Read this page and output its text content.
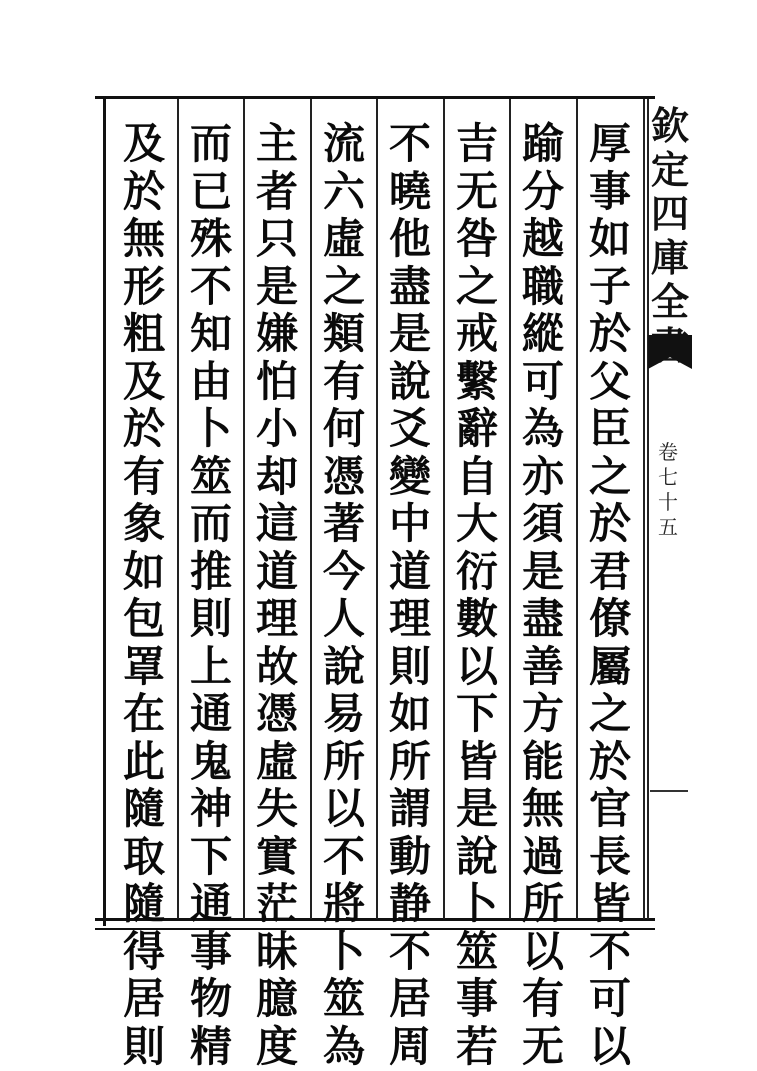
厚
事
如
子
於
父
臣
之
於
君
僚
屬
之
於
官
長
皆
不
可
以
踰
分
越
職
縱
可
為
亦
須
是
盡
善
方
能
無
過
所
以
有
无
吉
无
咎
之
戒
繫
辭
自
大
衍
數
以
下
皆
是
說
卜
筮
事
若
不
曉
他
盡
是
說
爻
變
中
道
理
則
如
所
謂
動
静
不
居
周
流
六
虛
之
類
有
何
憑
著
今
人
說
易
所
以
不
將
卜
筮
為
主
者
只
是
嫌
怕
小
却
這
道
理
故
憑
虛
失
實
茫
昧
臆
度
而
已
殊
不
知
由
卜
筮
而
推
則
上
通
鬼
神
下
通
事
物
精
及
於
無
形
粗
及
於
有
象
如
包
罩
在
此
隨
取
隨
得
居
則
欽
定
四
庫
全
卷
七
十
五
